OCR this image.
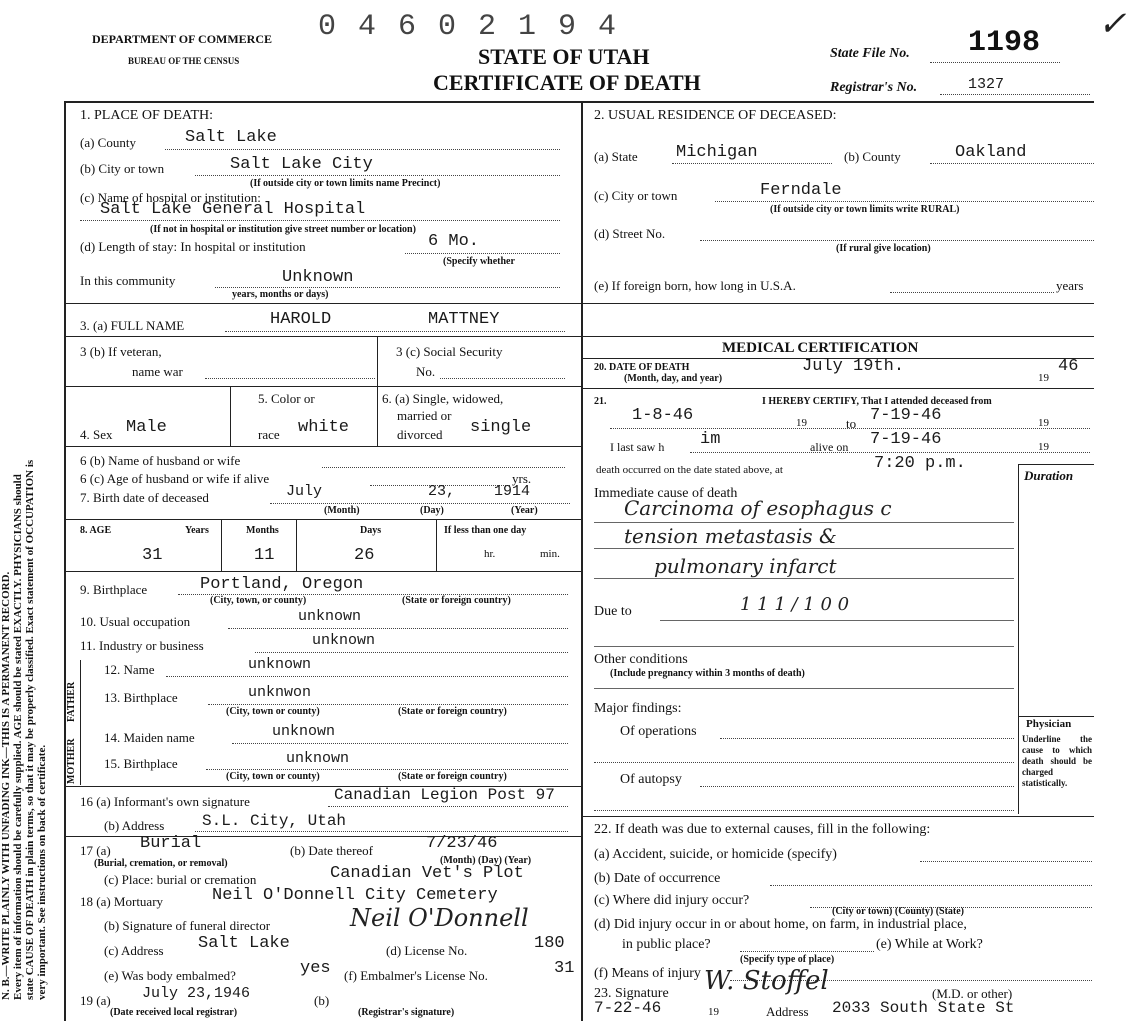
DEPARTMENT OF COMMERCE
BUREAU OF THE CENSUS
0 4 6 0 2 1 9 4
STATE OF UTAH
CERTIFICATE OF DEATH
State File No. 1198
Registrar's No.	1327
✓
N. B.—WRITE PLAINLY WITH UNFADING INK—THIS IS A PERMANENT RECORD. Every item of information should be carefully supplied. AGE should be stated EXACTLY. PHYSICIANS should state CAUSE OF DEATH in plain terms, so that it may be properly classified. Exact statement of OCCUPATION is very important. See instructions on back of certificate.
1. PLACE OF DEATH:
(a) County	Salt Lake
(b) City or town	Salt Lake City
(If outside city or town limits name Precinct)
(c) Name of hospital or institution:
Salt Lake General Hospital
(If not in hospital or institution give street number or location)
(d) Length of stay: In hospital or institution	6 Mo.
(Specify whether
In this community	Unknown
years, months or days)
2. USUAL RESIDENCE OF DECEASED:
(a) State Michigan	(b) County	Oakland
(c) City or town	Ferndale
(If outside city or town limits write RURAL)
(d) Street No.
(If rural give location)
(e) If foreign born, how long in U.S.A.	years
3. (a) FULL NAME	HAROLD	MATTNEY
3 (b) If veteran,
name war
3 (c) Social Security
No.
4. Sex Male
5. Color or
race white
6. (a) Single, widowed,
married or
divorced single
6 (b) Name of husband or wife
6 (c) Age of husband or wife if alive	yrs.
7. Birth date of deceased	July	23,	1914
(Month)	(Day)	(Year)
8. AGE	Years	Months	Days	If less than one day
31	11	26	hr.	min.
9. Birthplace	Portland, Oregon
(City, town, or county)	(State or foreign country)
10. Usual occupation	unknown
11. Industry or business	unknown
FATHER
MOTHER
12. Name	unknown
13. Birthplace	unknwon
(City, town or county)	(State or foreign country)
14. Maiden name	unknown
15. Birthplace	unknown
(City, town or county)	(State or foreign country)
16 (a) Informant's own signature	Canadian Legion Post 97
(b) Address S.L. City, Utah
17 (a) Burial
(Burial, cremation, or removal)
(b) Date thereof	7/23/46
(Month) (Day) (Year)
(c) Place: burial or cremation	Canadian Vet's Plot
18 (a) Mortuary	Neil O'Donnell City Cemetery
(b) Signature of funeral director	Neil O'Donnell
(c) Address Salt Lake	(d) License No.	180
(e) Was body embalmed?	yes (f) Embalmer's License No.	31
19 (a) July 23,1946	(b)
(Date received local registrar)	(Registrar's signature)
MEDICAL CERTIFICATION
20. DATE OF DEATH
(Month, day, and year)
July 19th.
19
46
21.	I HEREBY CERTIFY, That I attended deceased from
1-8-46	19	to 7-19-46	19
I last saw h im	alive on 7-19-46	19
death occurred on the date stated above, at	7:20 p.m.
Duration
Immediate cause of death
Carcinoma of esophagus c
tension metastasis &
pulmonary infarct
Due to	1 1 1 / 1 0 0
Other conditions
(Include pregnancy within 3 months of death)
Major findings:
Of operations
Of autopsy
Physician
Underline the cause to which death should be charged statistically.
22. If death was due to external causes, fill in the following:
(a) Accident, suicide, or homicide (specify)
(b) Date of occurrence
(c) Where did injury occur?
(City or town) (County) (State)
(d) Did injury occur in or about home, on farm, in industrial place,
in public place?
(Specify type of place)
(e) While at Work?
(f) Means of injury
23. Signature W. Stoffel	(M.D. or other)
7-22-46	19	Address 2033 South State St
